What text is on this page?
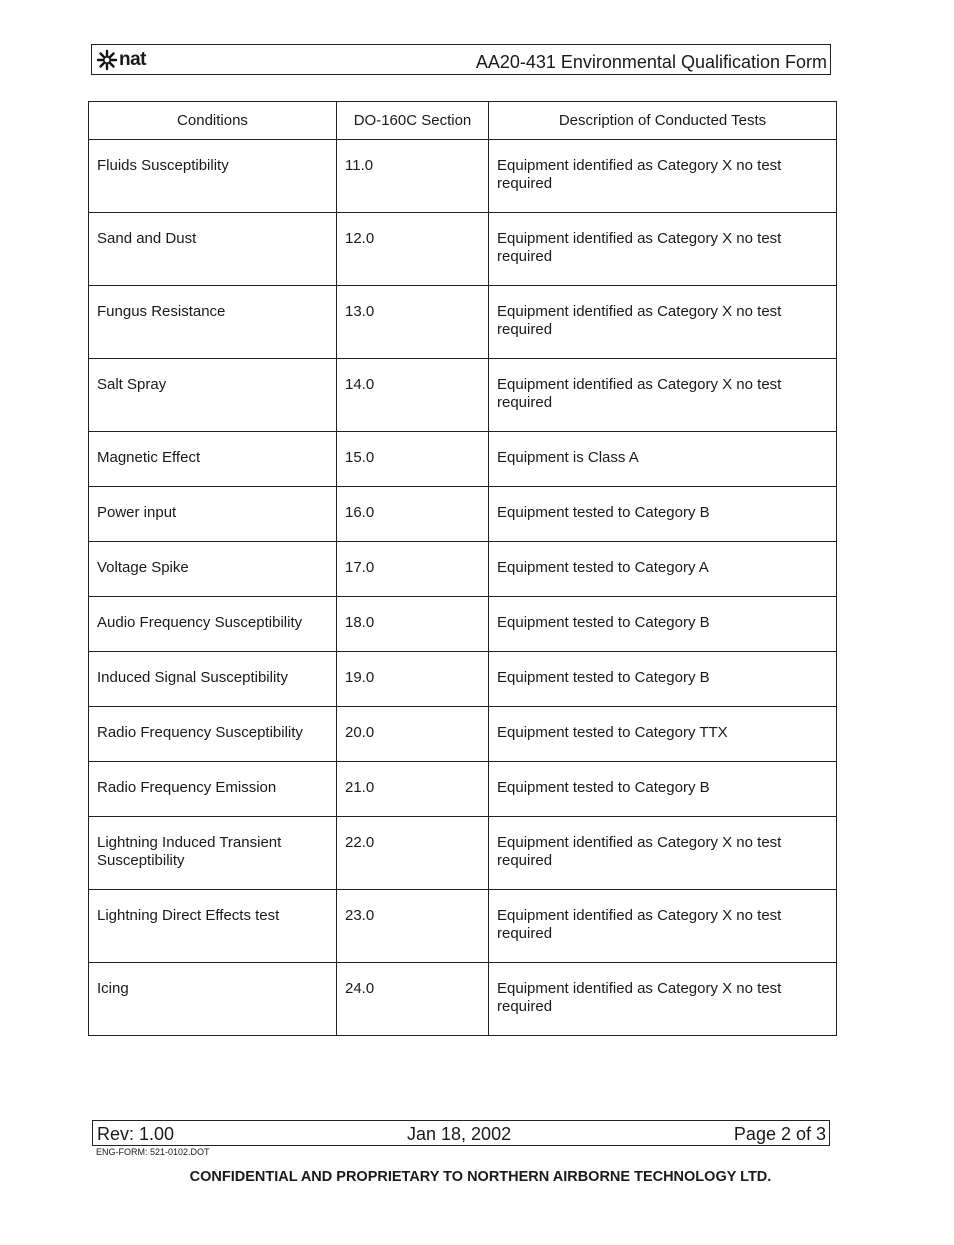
nat	AA20-431 Environmental Qualification Form
Conditions	DO-160C Section	Description of Conducted Tests
Fluids Susceptibility	11.0	Equipment identified as Category X no test required
Sand and Dust	12.0	Equipment identified as Category X no test required
Fungus Resistance	13.0	Equipment identified as Category X no test required
Salt Spray	14.0	Equipment identified as Category X no test required
Magnetic Effect	15.0	Equipment is Class A
Power input	16.0	Equipment tested to Category B
Voltage Spike	17.0	Equipment tested to Category A
Audio Frequency Susceptibility	18.0	Equipment tested to Category B
Induced Signal Susceptibility	19.0	Equipment tested to Category B
Radio Frequency Susceptibility	20.0	Equipment tested to Category TTX
Radio Frequency Emission	21.0	Equipment tested to Category B
Lightning Induced Transient Susceptibility	22.0	Equipment identified as Category X no test required
Lightning Direct Effects test	23.0	Equipment identified as Category X no test required
Icing	24.0	Equipment identified as Category X no test required
Rev: 1.00	Jan 18, 2002	Page 2 of 3
ENG-FORM: 521-0102.DOT
CONFIDENTIAL AND PROPRIETARY TO NORTHERN AIRBORNE TECHNOLOGY LTD.
